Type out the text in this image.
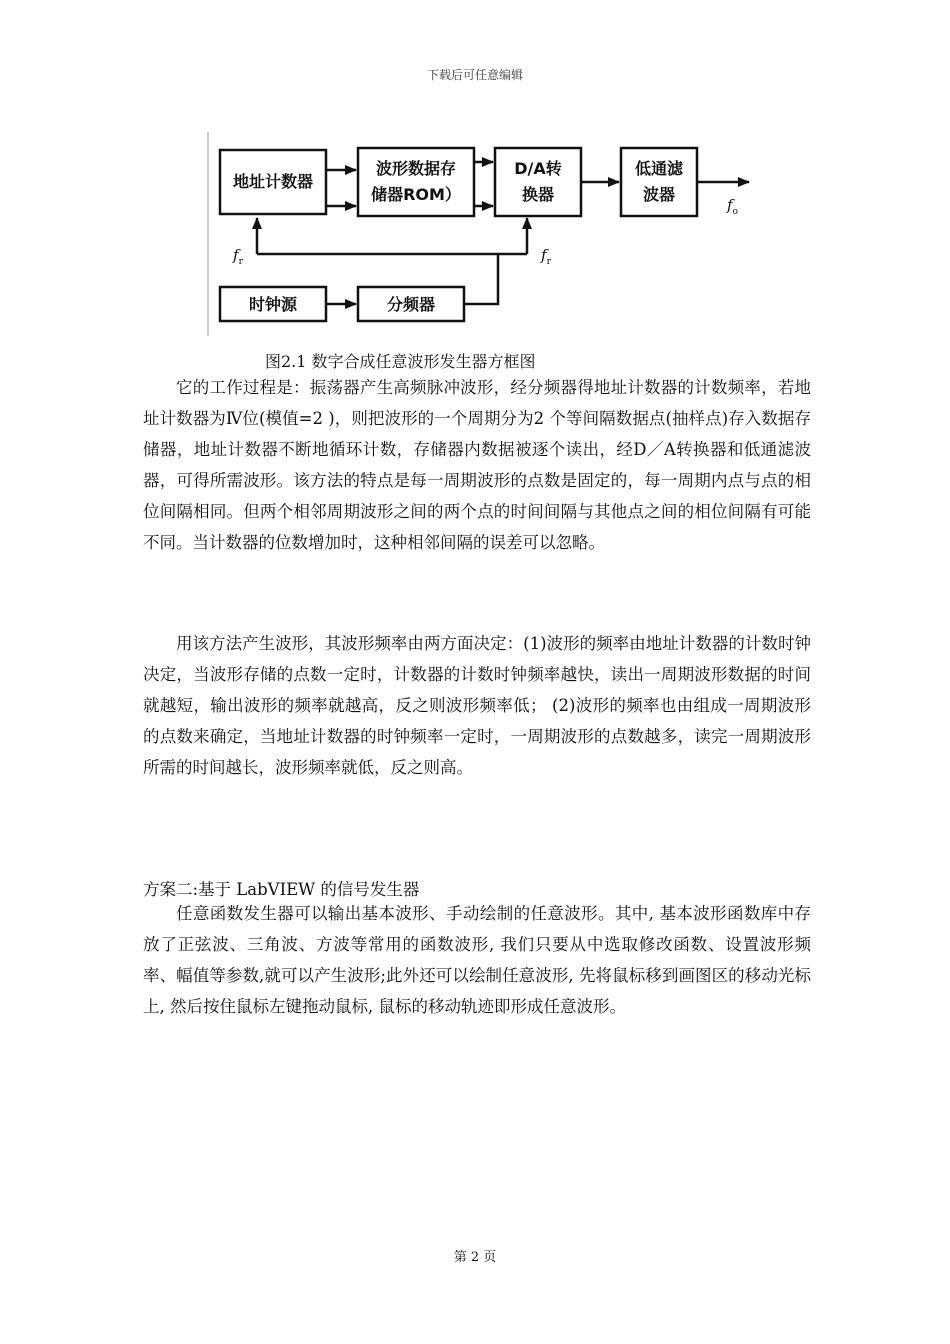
下载后可任意编辑
地址计数器
波形数据存
储器ROM）
D/A转
换器
低通滤
波器
时钟源	分频器
$f_r$	$f_r$
$f_o$
图2.1 数字合成任意波形发生器方框图

它的工作过程是：振荡器产生高频脉冲波形，经分频器得地址计数器的计数频率，若地址计数器为Ⅳ位(模值=2 )，则把波形的一个周期分为2 个等间隔数据点(抽样点)存入数据存储器，地址计数器不断地循环计数，存储器内数据被逐个读出，经D／A转换器和低通滤波器，可得所需波形。该方法的特点是每一周期波形的点数是固定的，每一周期内点与点的相位间隔相同。但两个相邻周期波形之间的两个点的时间间隔与其他点之间的相位间隔有可能不同。当计数器的位数增加时，这种相邻间隔的误差可以忽略。

用该方法产生波形，其波形频率由两方面决定：(1)波形的频率由地址计数器的计数时钟决定，当波形存储的点数一定时，计数器的计数时钟频率越快，读出一周期波形数据的时间就越短，输出波形的频率就越高，反之则波形频率低； (2)波形的频率也由组成一周期波形的点数来确定，当地址计数器的时钟频率一定时，一周期波形的点数越多，读完一周期波形所需的时间越长，波形频率就低，反之则高。

方案二:基于 LabVIEW 的信号发生器

任意函数发生器可以输出基本波形、手动绘制的任意波形。其中, 基本波形函数库中存放了正弦波、三角波、方波等常用的函数波形, 我们只要从中选取修改函数、设置波形频率、幅值等参数,就可以产生波形;此外还可以绘制任意波形, 先将鼠标移到画图区的移动光标上, 然后按住鼠标左键拖动鼠标, 鼠标的移动轨迹即形成任意波形。

第 2 页
